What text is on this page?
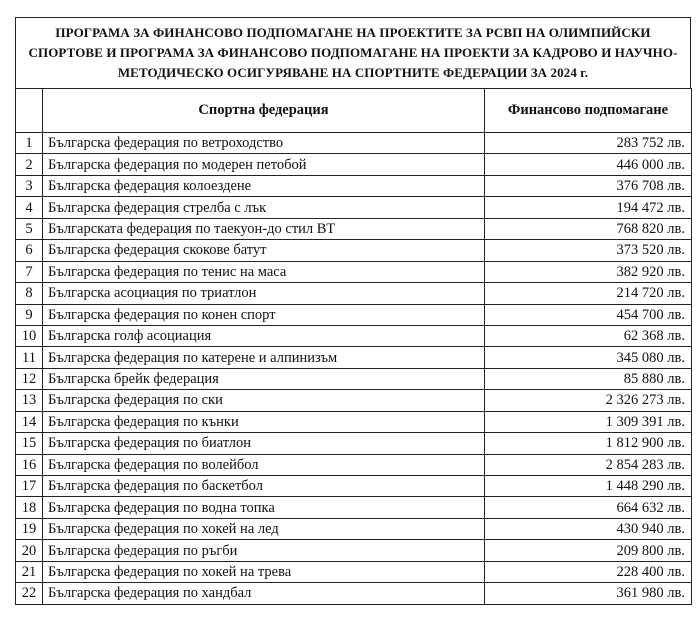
ПРОГРАМА ЗА ФИНАНСОВО ПОДПОМАГАНЕ НА ПРОЕКТИТЕ ЗА РСВП НА ОЛИМПИЙСКИ
СПОРТОВЕ И ПРОГРАМА ЗА ФИНАНСОВО ПОДПОМАГАНЕ НА ПРОЕКТИ ЗА КАДРОВО И НАУЧНО-
МЕТОДИЧЕСКО ОСИГУРЯВАНЕ НА СПОРТНИТЕ ФЕДЕРАЦИИ ЗА 2024 г.
	Спортна федерация	Финансово подпомагане
1	Българска федерация по ветроходство	283 752 лв.
2	Българска федерация по модерен петобой	446 000 лв.
3	Българска федерация колоездене	376 708 лв.
4	Българска федерация стрелба с лък	194 472 лв.
5	Българската федерация по таекуон-до стил ВТ	768 820 лв.
6	Българска федерация скокове батут	373 520 лв.
7	Българска федерация по тенис на маса	382 920 лв.
8	Българска асоциация по триатлон	214 720 лв.
9	Българска федерация по конен спорт	454 700 лв.
10	Българска голф асоциация	62 368 лв.
11	Българска федерация по катерене и алпинизъм	345 080 лв.
12	Българска брейк федерация	85 880 лв.
13	Българска федерация по ски	2 326 273 лв.
14	Българска федерация по кънки	1 309 391 лв.
15	Българска федерация по биатлон	1 812 900 лв.
16	Българска федерация по волейбол	2 854 283 лв.
17	Българска федерация по баскетбол	1 448 290 лв.
18	Българска федерация по водна топка	664 632 лв.
19	Българска федерация по хокей на лед	430 940 лв.
20	Българска федерация по ръгби	209 800 лв.
21	Българска федерация по хокей на трева	228 400 лв.
22	Българска федерация по хандбал	361 980 лв.
